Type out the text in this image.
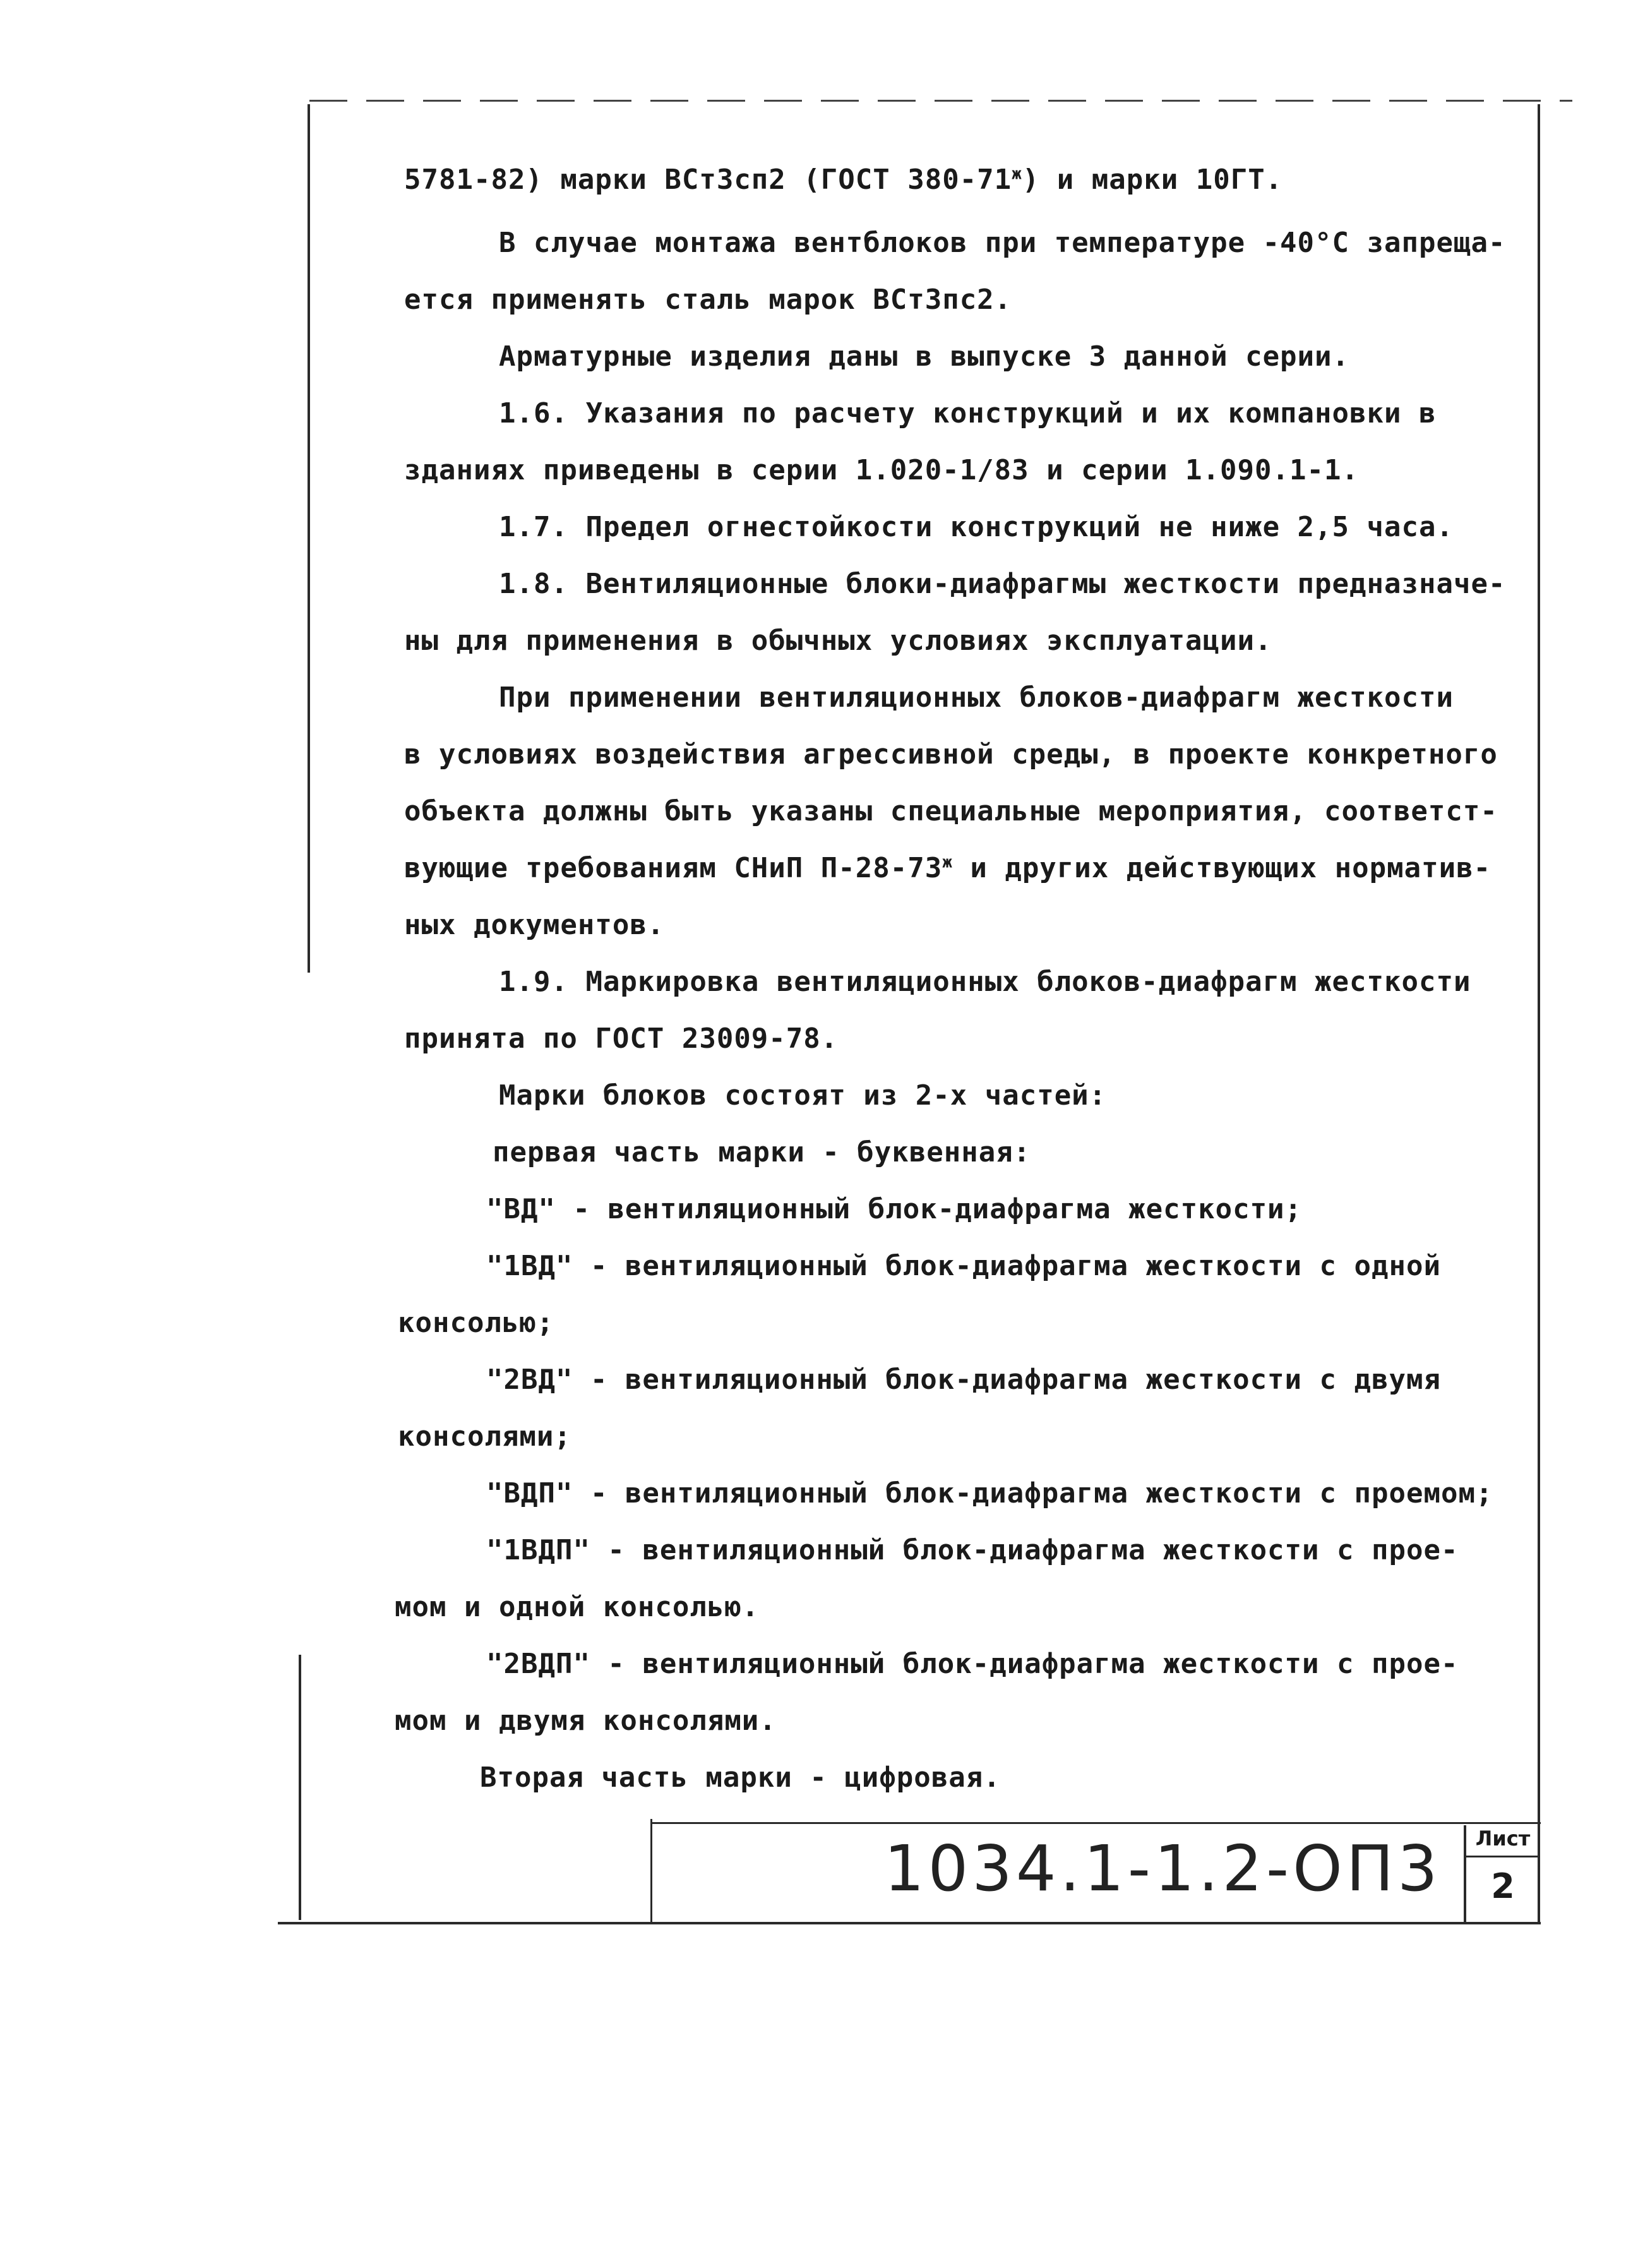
5781-82) марки ВСт3сп2 (ГОСТ $380-71^ж$) и марки 10ГТ.
В случае монтажа вентблоков при температуре -40°С запреща-
ется применять сталь марок ВСт3пс2.
Арматурные изделия даны в выпуске 3 данной серии.
1.6. Указания по расчету конструкций и их компановки в
зданиях приведены в серии 1.020-1/83 и серии 1.090.1-1.
1.7. Предел огнестойкости конструкций не ниже 2,5 часа.
1.8. Вентиляционные блоки-диафрагмы жесткости предназначе-
ны для применения в обычных условиях эксплуатации.
При применении вентиляционных блоков-диафрагм жесткости
в условиях воздействия агрессивной среды, в проекте конкретного
объекта должны быть указаны специальные мероприятия, соответст-
вующие требованиям СНиП $П-28-73^ж$ и других действующих норматив-
ных документов.
1.9. Маркировка вентиляционных блоков-диафрагм жесткости
принята по ГОСТ 23009-78.
Марки блоков состоят из 2-х частей:
первая часть марки - буквенная:
"ВД" - вентиляционный блок-диафрагма жесткости;
"1ВД" - вентиляционный блок-диафрагма жесткости с одной
консолью;
"2ВД" - вентиляционный блок-диафрагма жесткости с двумя
консолями;
"ВДП" - вентиляционный блок-диафрагма жесткости с проемом;
"1ВДП" - вентиляционный блок-диафрагма жесткости с прое-
мом и одной консолью.
"2ВДП" - вентиляционный блок-диафрагма жесткости с прое-
мом и двумя консолями.
Вторая часть марки - цифровая.
1034.1-1.2-ОП3	Лист
2
